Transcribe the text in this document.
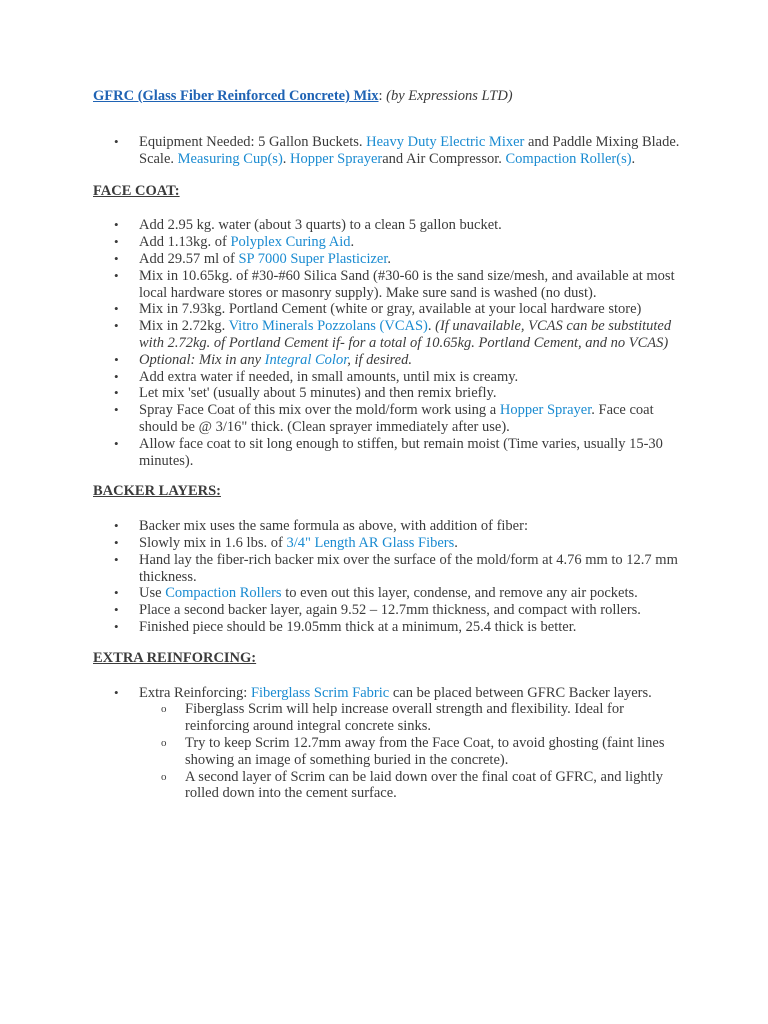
GFRC (Glass Fiber Reinforced Concrete) Mix: (by Expressions LTD)

• Equipment Needed: 5 Gallon Buckets. Heavy Duty Electric Mixer and Paddle Mixing Blade. Scale. Measuring Cup(s). Hopper Sprayerand Air Compressor. Compaction Roller(s).

FACE COAT:

• Add 2.95 kg. water (about 3 quarts) to a clean 5 gallon bucket.
• Add 1.13kg. of Polyplex Curing Aid.
• Add 29.57 ml of SP 7000 Super Plasticizer.
• Mix in 10.65kg. of #30-#60 Silica Sand (#30-60 is the sand size/mesh, and available at most local hardware stores or masonry supply). Make sure sand is washed (no dust).
• Mix in 7.93kg. Portland Cement (white or gray, available at your local hardware store)
• Mix in 2.72kg. Vitro Minerals Pozzolans (VCAS). (If unavailable, VCAS can be substituted with 2.72kg. of Portland Cement if- for a total of 10.65kg. Portland Cement, and no VCAS)
• Optional: Mix in any Integral Color, if desired.
• Add extra water if needed, in small amounts, until mix is creamy.
• Let mix 'set' (usually about 5 minutes) and then remix briefly.
• Spray Face Coat of this mix over the mold/form work using a Hopper Sprayer. Face coat should be @ 3/16" thick. (Clean sprayer immediately after use).
• Allow face coat to sit long enough to stiffen, but remain moist (Time varies, usually 15-30 minutes).

BACKER LAYERS:

• Backer mix uses the same formula as above, with addition of fiber:
• Slowly mix in 1.6 lbs. of 3/4" Length AR Glass Fibers.
• Hand lay the fiber-rich backer mix over the surface of the mold/form at 4.76 mm to 12.7 mm thickness.
• Use Compaction Rollers to even out this layer, condense, and remove any air pockets.
• Place a second backer layer, again 9.52 – 12.7mm thickness, and compact with rollers.
• Finished piece should be 19.05mm thick at a minimum, 25.4 thick is better.

EXTRA REINFORCING:

• Extra Reinforcing: Fiberglass Scrim Fabric can be placed between GFRC Backer layers.
o Fiberglass Scrim will help increase overall strength and flexibility. Ideal for reinforcing around integral concrete sinks.
o Try to keep Scrim 12.7mm away from the Face Coat, to avoid ghosting (faint lines showing an image of something buried in the concrete).
o A second layer of Scrim can be laid down over the final coat of GFRC, and lightly rolled down into the cement surface.
